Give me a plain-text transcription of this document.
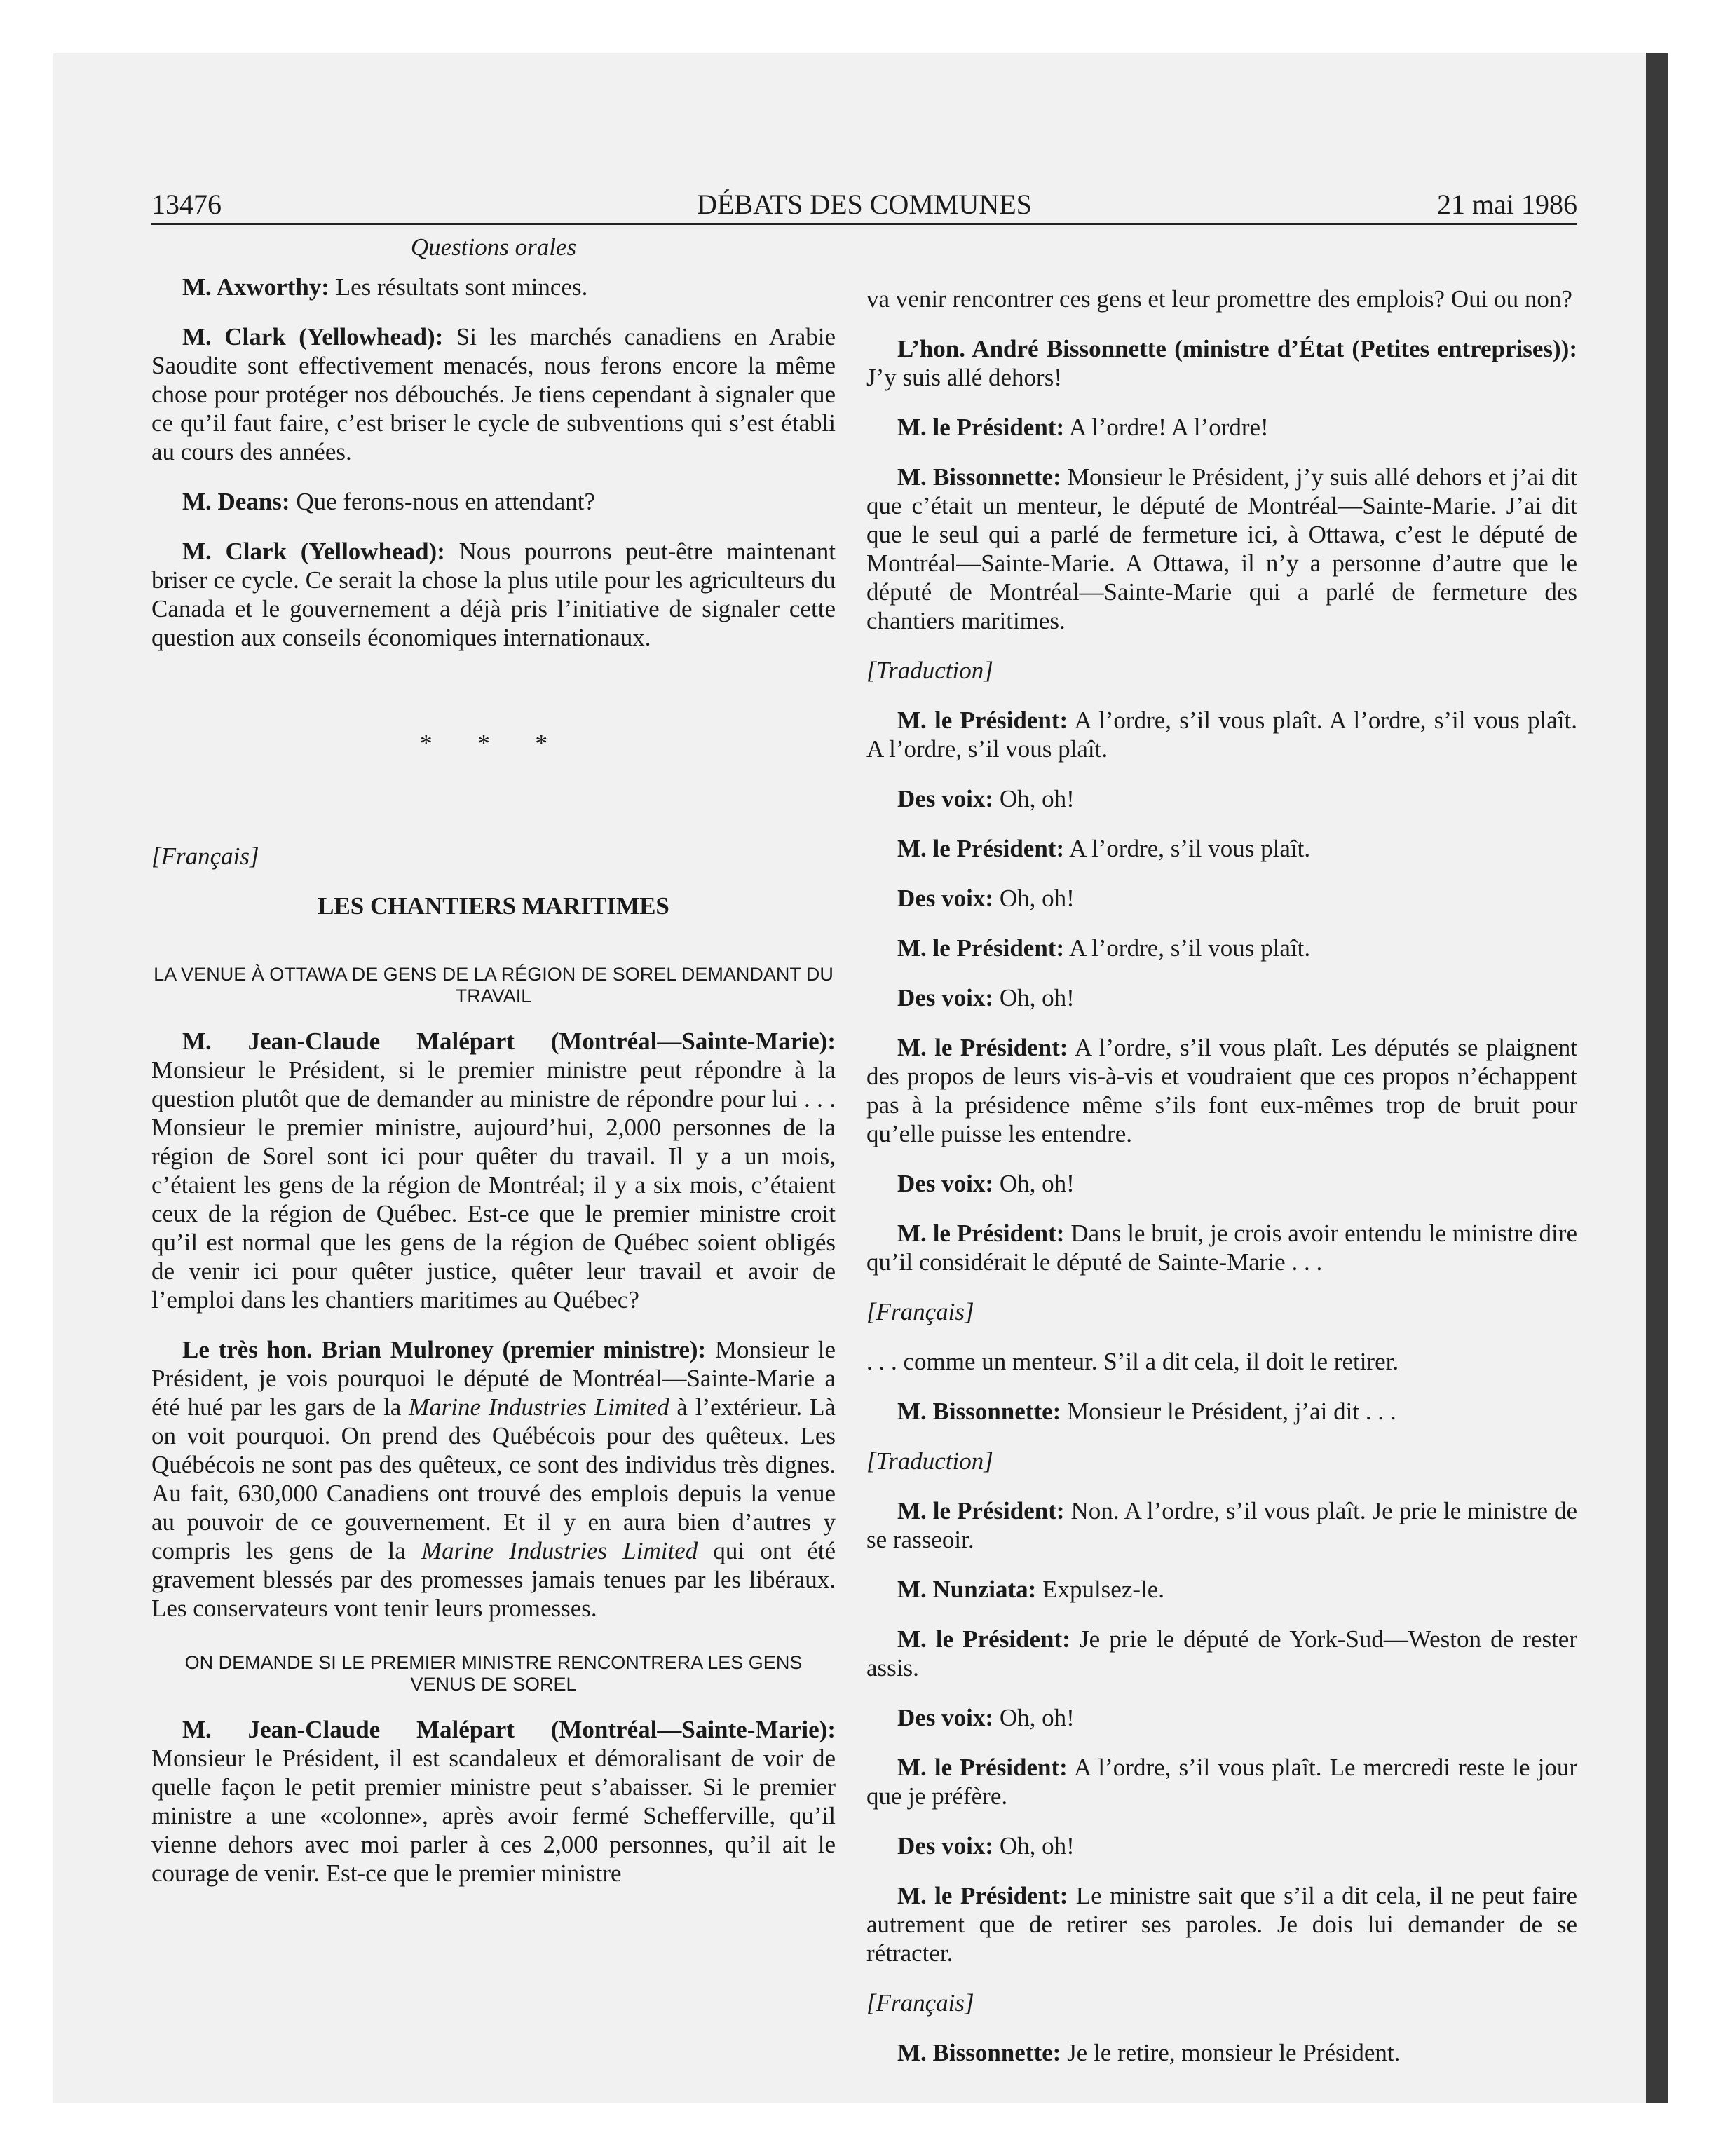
13476	DÉBATS DES COMMUNES	21 mai 1986
Questions orales

M. Axworthy: Les résultats sont minces.

M. Clark (Yellowhead): Si les marchés canadiens en Arabie Saoudite sont effectivement menacés, nous ferons encore la même chose pour protéger nos débouchés. Je tiens cependant à signaler que ce qu’il faut faire, c’est briser le cycle de subventions qui s’est établi au cours des années.

M. Deans: Que ferons-nous en attendant?

M. Clark (Yellowhead): Nous pourrons peut-être maintenant briser ce cycle. Ce serait la chose la plus utile pour les agriculteurs du Canada et le gouvernement a déjà pris l’initiative de signaler cette question aux conseils économiques internationaux.

* * *
[Français]
LES CHANTIERS MARITIMES
LA VENUE À OTTAWA DE GENS DE LA RÉGION DE SOREL DEMANDANT DU TRAVAIL

M. Jean-Claude Malépart (Montréal—Sainte-Marie): Monsieur le Président, si le premier ministre peut répondre à la question plutôt que de demander au ministre de répondre pour lui . . . Monsieur le premier ministre, aujourd’hui, 2,000 personnes de la région de Sorel sont ici pour quêter du travail. Il y a un mois, c’étaient les gens de la région de Montréal; il y a six mois, c’étaient ceux de la région de Québec. Est-ce que le premier ministre croit qu’il est normal que les gens de la région de Québec soient obligés de venir ici pour quêter justice, quêter leur travail et avoir de l’emploi dans les chantiers maritimes au Québec?

Le très hon. Brian Mulroney (premier ministre): Monsieur le Président, je vois pourquoi le député de Montréal—Sainte-Marie a été hué par les gars de la Marine Industries Limited à l’extérieur. Là on voit pourquoi. On prend des Québécois pour des quêteux. Les Québécois ne sont pas des quêteux, ce sont des individus très dignes. Au fait, 630,000 Canadiens ont trouvé des emplois depuis la venue au pouvoir de ce gouvernement. Et il y en aura bien d’autres y compris les gens de la Marine Industries Limited qui ont été gravement blessés par des promesses jamais tenues par les libéraux. Les conservateurs vont tenir leurs promesses.

ON DEMANDE SI LE PREMIER MINISTRE RENCONTRERA LES GENS VENUS DE SOREL

M. Jean-Claude Malépart (Montréal—Sainte-Marie): Monsieur le Président, il est scandaleux et démoralisant de voir de quelle façon le petit premier ministre peut s’abaisser. Si le premier ministre a une «colonne», après avoir fermé Schefferville, qu’il vienne dehors avec moi parler à ces 2,000 personnes, qu’il ait le courage de venir. Est-ce que le premier ministre

va venir rencontrer ces gens et leur promettre des emplois? Oui ou non?

L’hon. André Bissonnette (ministre d’État (Petites entreprises)): J’y suis allé dehors!

M. le Président: A l’ordre! A l’ordre!

M. Bissonnette: Monsieur le Président, j’y suis allé dehors et j’ai dit que c’était un menteur, le député de Montréal—Sainte-Marie. J’ai dit que le seul qui a parlé de fermeture ici, à Ottawa, c’est le député de Montréal—Sainte-Marie. A Ottawa, il n’y a personne d’autre que le député de Montréal—Sainte-Marie qui a parlé de fermeture des chantiers maritimes.

[Traduction]

M. le Président: A l’ordre, s’il vous plaît. A l’ordre, s’il vous plaît. A l’ordre, s’il vous plaît.

Des voix: Oh, oh!

M. le Président: A l’ordre, s’il vous plaît.

Des voix: Oh, oh!

M. le Président: A l’ordre, s’il vous plaît.

Des voix: Oh, oh!

M. le Président: A l’ordre, s’il vous plaît. Les députés se plaignent des propos de leurs vis-à-vis et voudraient que ces propos n’échappent pas à la présidence même s’ils font eux-mêmes trop de bruit pour qu’elle puisse les entendre.

Des voix: Oh, oh!

M. le Président: Dans le bruit, je crois avoir entendu le ministre dire qu’il considérait le député de Sainte-Marie . . .

[Français]

. . . comme un menteur. S’il a dit cela, il doit le retirer.

M. Bissonnette: Monsieur le Président, j’ai dit . . .

[Traduction]

M. le Président: Non. A l’ordre, s’il vous plaît. Je prie le ministre de se rasseoir.

M. Nunziata: Expulsez-le.

M. le Président: Je prie le député de York-Sud—Weston de rester assis.

Des voix: Oh, oh!

M. le Président: A l’ordre, s’il vous plaît. Le mercredi reste le jour que je préfère.

Des voix: Oh, oh!

M. le Président: Le ministre sait que s’il a dit cela, il ne peut faire autrement que de retirer ses paroles. Je dois lui demander de se rétracter.

[Français]

M. Bissonnette: Je le retire, monsieur le Président.
